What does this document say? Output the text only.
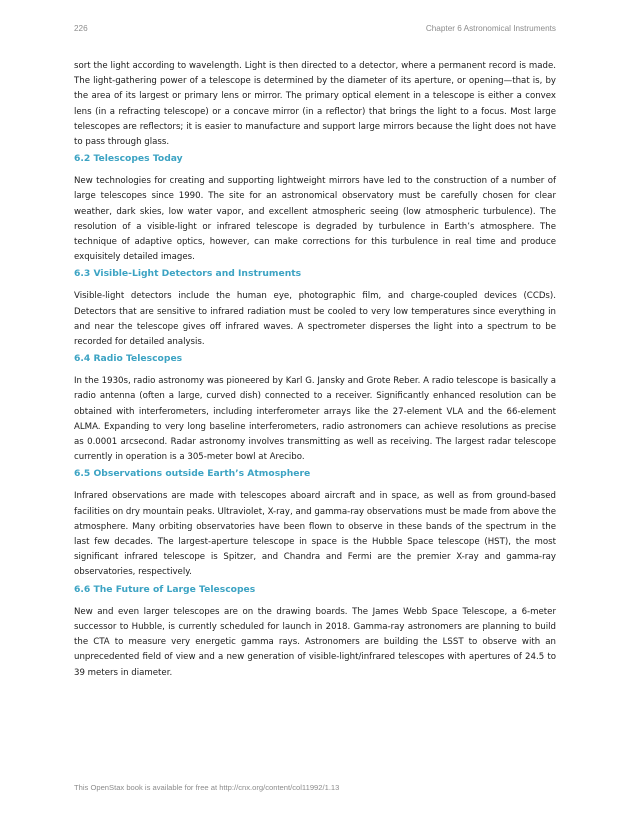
226	Chapter 6 Astronomical Instruments

sort the light according to wavelength. Light is then directed to a detector, where a permanent record is made. The light-gathering power of a telescope is determined by the diameter of its aperture, or opening—that is, by the area of its largest or primary lens or mirror. The primary optical element in a telescope is either a convex lens (in a refracting telescope) or a concave mirror (in a reflector) that brings the light to a focus. Most large telescopes are reflectors; it is easier to manufacture and support large mirrors because the light does not have to pass through glass.

6.2 Telescopes Today

New technologies for creating and supporting lightweight mirrors have led to the construction of a number of large telescopes since 1990. The site for an astronomical observatory must be carefully chosen for clear weather, dark skies, low water vapor, and excellent atmospheric seeing (low atmospheric turbulence). The resolution of a visible-light or infrared telescope is degraded by turbulence in Earth’s atmosphere. The technique of adaptive optics, however, can make corrections for this turbulence in real time and produce exquisitely detailed images.

6.3 Visible-Light Detectors and Instruments

Visible-light detectors include the human eye, photographic film, and charge-coupled devices (CCDs). Detectors that are sensitive to infrared radiation must be cooled to very low temperatures since everything in and near the telescope gives off infrared waves. A spectrometer disperses the light into a spectrum to be recorded for detailed analysis.

6.4 Radio Telescopes

In the 1930s, radio astronomy was pioneered by Karl G. Jansky and Grote Reber. A radio telescope is basically a radio antenna (often a large, curved dish) connected to a receiver. Significantly enhanced resolution can be obtained with interferometers, including interferometer arrays like the 27-element VLA and the 66-element ALMA. Expanding to very long baseline interferometers, radio astronomers can achieve resolutions as precise as 0.0001 arcsecond. Radar astronomy involves transmitting as well as receiving. The largest radar telescope currently in operation is a 305-meter bowl at Arecibo.

6.5 Observations outside Earth’s Atmosphere

Infrared observations are made with telescopes aboard aircraft and in space, as well as from ground-based facilities on dry mountain peaks. Ultraviolet, X-ray, and gamma-ray observations must be made from above the atmosphere. Many orbiting observatories have been flown to observe in these bands of the spectrum in the last few decades. The largest-aperture telescope in space is the Hubble Space telescope (HST), the most significant infrared telescope is Spitzer, and Chandra and Fermi are the premier X-ray and gamma-ray observatories, respectively.

6.6 The Future of Large Telescopes

New and even larger telescopes are on the drawing boards. The James Webb Space Telescope, a 6-meter successor to Hubble, is currently scheduled for launch in 2018. Gamma-ray astronomers are planning to build the CTA to measure very energetic gamma rays. Astronomers are building the LSST to observe with an unprecedented field of view and a new generation of visible-light/infrared telescopes with apertures of 24.5 to 39 meters in diameter.

This OpenStax book is available for free at http://cnx.org/content/col11992/1.13
